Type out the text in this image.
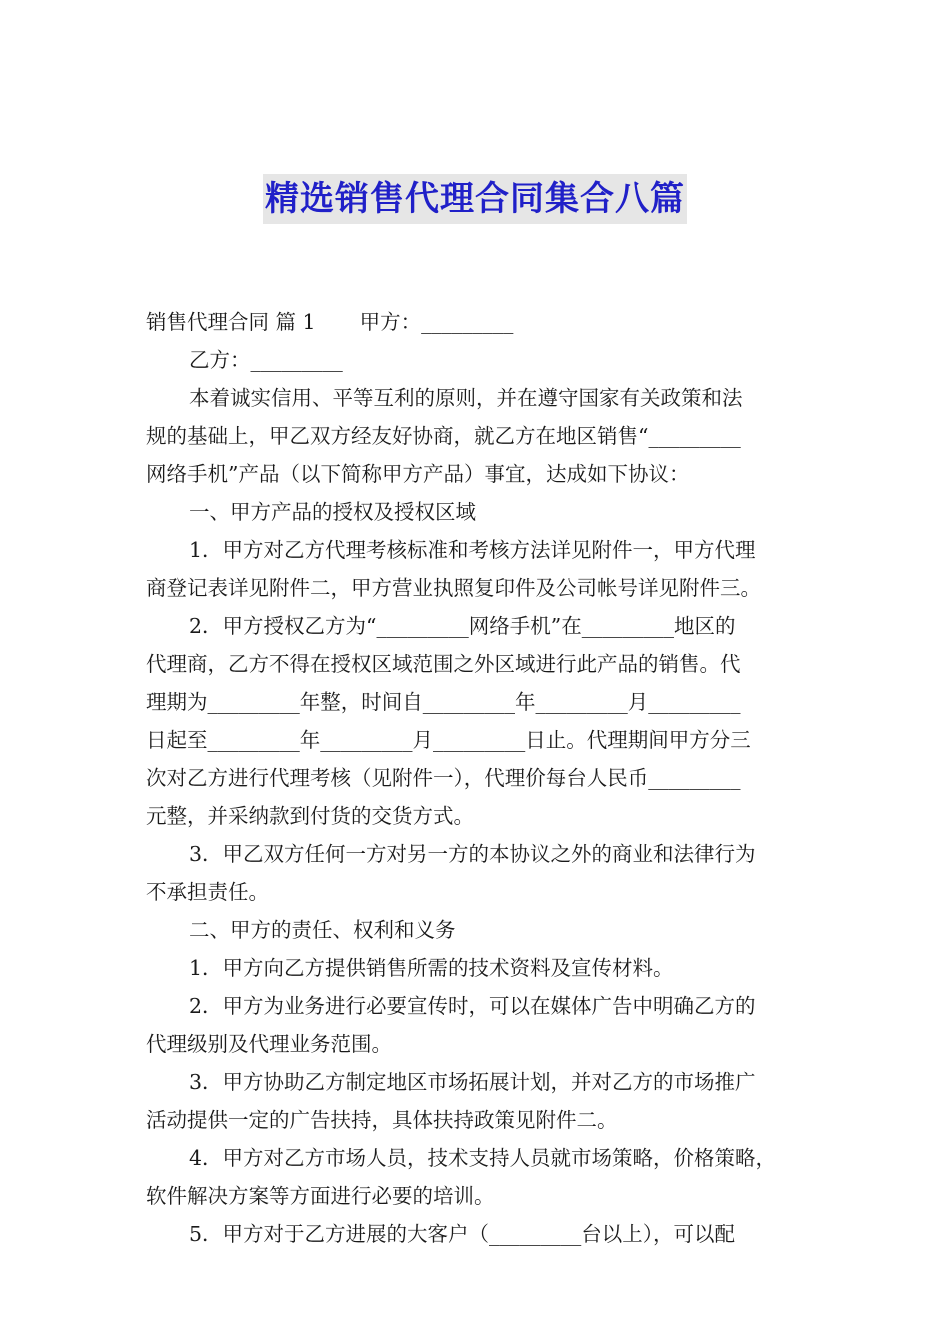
精选销售代理合同集合八篇
销售代理合同 篇 1 甲方：_________
乙方：_________
本着诚实信用、平等互利的原则，并在遵守国家有关政策和法
规的基础上，甲乙双方经友好协商，就乙方在地区销售“_________
网络手机”产品（以下简称甲方产品）事宜，达成如下协议：
一、甲方产品的授权及授权区域
1．甲方对乙方代理考核标准和考核方法详见附件一，甲方代理
商登记表详见附件二，甲方营业执照复印件及公司帐号详见附件三。
2．甲方授权乙方为“_________网络手机”在_________地区的
代理商，乙方不得在授权区域范围之外区域进行此产品的销售。代
理期为_________年整，时间自_________年_________月_________
日起至_________年_________月_________日止。代理期间甲方分三
次对乙方进行代理考核（见附件一），代理价每台人民币_________
元整，并采纳款到付货的交货方式。
3．甲乙双方任何一方对另一方的本协议之外的商业和法律行为
不承担责任。
二、甲方的责任、权利和义务
1．甲方向乙方提供销售所需的技术资料及宣传材料。
2．甲方为业务进行必要宣传时，可以在媒体广告中明确乙方的
代理级别及代理业务范围。
3．甲方协助乙方制定地区市场拓展计划，并对乙方的市场推广
活动提供一定的广告扶持，具体扶持政策见附件二。
4．甲方对乙方市场人员，技术支持人员就市场策略，价格策略，
软件解决方案等方面进行必要的培训。
5．甲方对于乙方进展的大客户（_________台以上），可以配
